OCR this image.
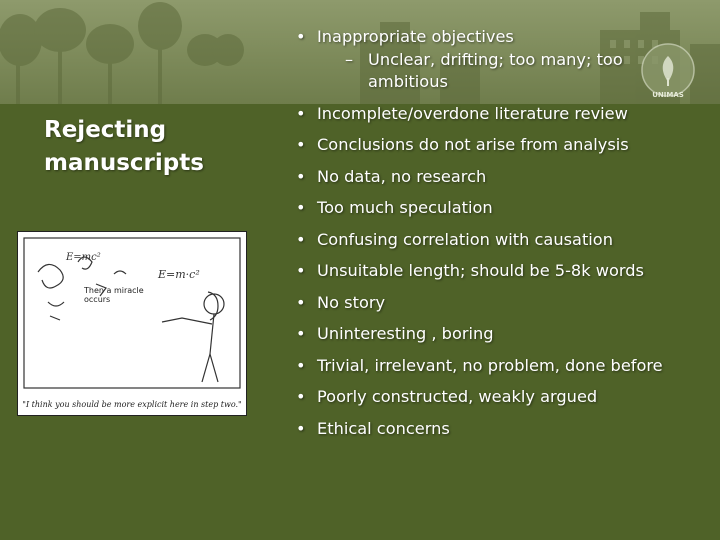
UNIMAS
Rejecting manuscripts
E=mc²
E=m·c²
Then a miracle occurs
"I think you should be more explicit here in step two."
• Inappropriate objectives
– Unclear, drifting; too many; too ambitious
• Incomplete/overdone literature review
• Conclusions do not arise from analysis
• No data, no research
• Too much speculation
• Confusing correlation with causation
• Unsuitable length; should be 5-8k words
• No story
• Uninteresting , boring
• Trivial, irrelevant, no problem, done before
• Poorly constructed, weakly argued
• Ethical concerns
